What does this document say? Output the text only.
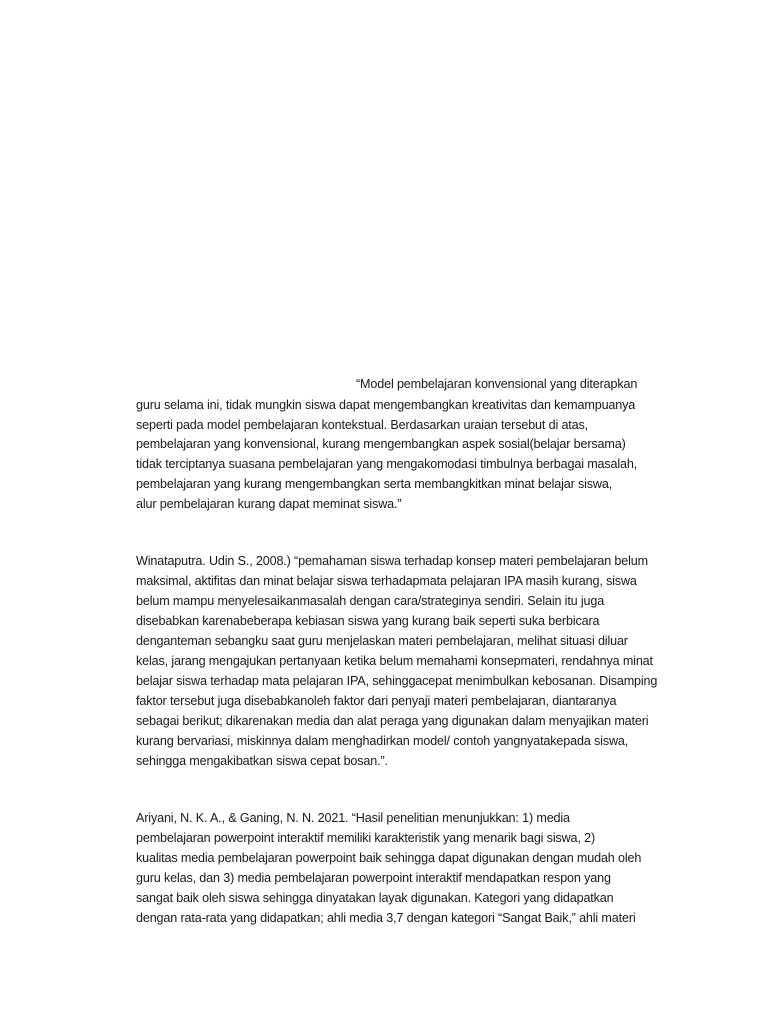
“Model pembelajaran konvensional yang diterapkan
guru selama ini, tidak mungkin siswa dapat mengembangkan kreativitas dan kemampuanya
seperti pada model pembelajaran kontekstual. Berdasarkan uraian tersebut di atas,
pembelajaran yang konvensional, kurang mengembangkan aspek sosial(belajar bersama)
tidak terciptanya suasana pembelajaran yang mengakomodasi timbulnya berbagai masalah,
pembelajaran yang kurang mengembangkan serta membangkitkan minat belajar siswa,
alur pembelajaran kurang dapat meminat siswa.”
Winataputra. Udin S., 2008.) “pemahaman siswa terhadap konsep materi pembelajaran belum
maksimal, aktifitas dan minat belajar siswa terhadapmata pelajaran IPA masih kurang, siswa
belum mampu menyelesaikanmasalah dengan cara/strateginya sendiri. Selain itu juga
disebabkan karenabeberapa kebiasan siswa yang kurang baik seperti suka berbicara
denganteman sebangku saat guru menjelaskan materi pembelajaran, melihat situasi diluar
kelas, jarang mengajukan pertanyaan ketika belum memahami konsepmateri, rendahnya minat
belajar siswa terhadap mata pelajaran IPA, sehinggacepat menimbulkan kebosanan. Disamping
faktor tersebut juga disebabkanoleh faktor dari penyaji materi pembelajaran, diantaranya
sebagai berikut; dikarenakan media dan alat peraga yang digunakan dalam menyajikan materi
kurang bervariasi, miskinnya dalam menghadirkan model/ contoh yangnyatakepada siswa,
sehingga mengakibatkan siswa cepat bosan.”.
Ariyani, N. K. A., & Ganing, N. N. 2021. “Hasil penelitian menunjukkan: 1) media
pembelajaran powerpoint interaktif memiliki karakteristik yang menarik bagi siswa, 2)
kualitas media pembelajaran powerpoint baik sehingga dapat digunakan dengan mudah oleh
guru kelas, dan 3) media pembelajaran powerpoint interaktif mendapatkan respon yang
sangat baik oleh siswa sehingga dinyatakan layak digunakan. Kategori yang didapatkan
dengan rata-rata yang didapatkan; ahli media 3,7 dengan kategori “Sangat Baik,” ahli materi
